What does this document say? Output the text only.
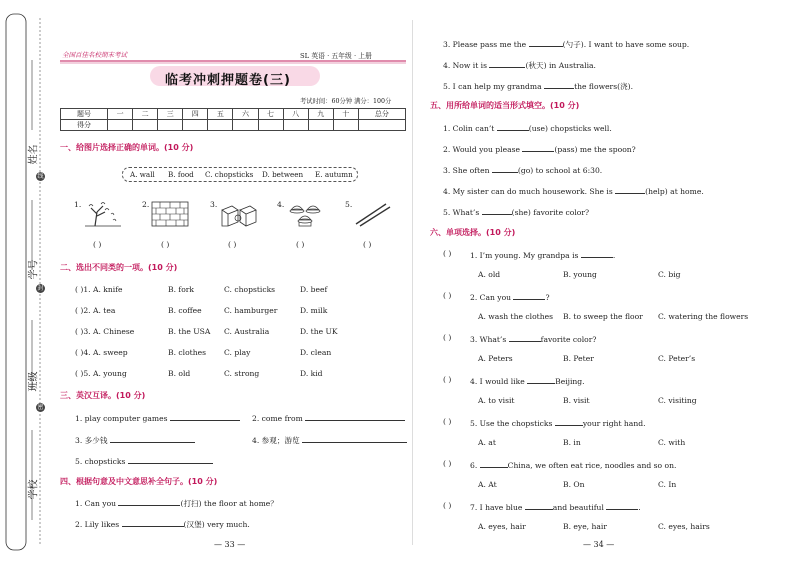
姓名
学号
班级
学校
线
封
密
全国百佳名校期末考试	SL 英语 · 五年级 · 上册
临考冲刺押题卷(三)
考试时间：60分钟 满分：100分
题号	一	二	三	四	五	六	七	八	九	十	总分
得分											
一、给图片选择正确的单词。(10 分)
A. wall B. food C. chopsticks D. between E. autumn
1.	2.	3.	4.	5.
( )	( )	( )	( )	( )
二、选出不同类的一项。(10 分)
( )1. A. knife	B. fork	C. chopsticks	D. beef
( )2. A. tea	B. coffee	C. hamburger	D. milk
( )3. A. Chinese	B. the USA C. Australia	D. the UK
( )4. A. sweep	B. clothes C. play	D. clean
( )5. A. young	B. old	C. strong	D. kid
三、英汉互译。(10 分)
1. play computer games	2. come from
3. 多少钱	4. 参观；游览
5. chopsticks
四、根据句意及中文意思补全句子。(10 分)
1. Can you	(打扫) the floor at home？
2. Lily likes	(汉堡) very much.
— 33 —
3. Please pass me the	(勺子). I want to have some soup.
4. Now it is	(秋天) in Australia.
5. I can help my grandma	the flowers(浇).
五、用所给单词的适当形式填空。(10 分)
1. Colin can’t	(use) chopsticks well.
2. Would you please	(pass) me the spoon?
3. She often	(go) to school at 6:30.
4. My sister can do much housework. She is	(help) at home.
5. What’s	(she) favorite color?
六、单项选择。(10 分)
( ) 1. I’m young. My grandpa is	.
A. old	B. young	C. big
( ) 2. Can you	?
A. wash the clothes B. to sweep the floor C. watering the flowers
( ) 3. What’s	favorite color?
A. Peters	B. Peter	C. Peter’s
( ) 4. I would like	Beijing.
A. to visit	B. visit	C. visiting
( ) 5. Use the chopsticks	your right hand.
A. at	B. in	C. with
( ) 6.	China, we often eat rice, noodles and so on.
A. At	B. On	C. In
( ) 7. I have blue	and beautiful	.
A. eyes, hair	B. eye, hair	C. eyes, hairs
— 34 —
